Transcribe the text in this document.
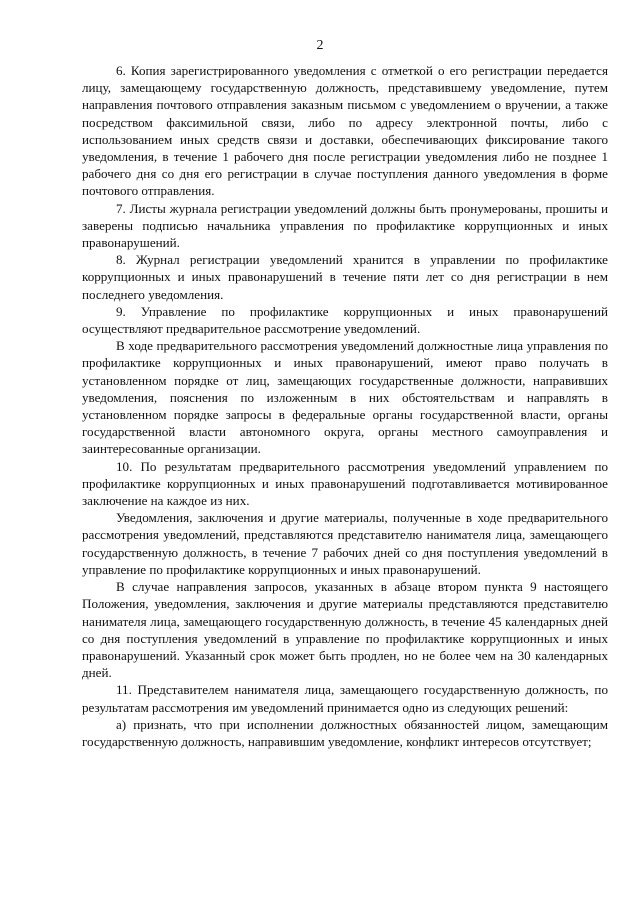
2

6. Копия зарегистрированного уведомления с отметкой о его регистрации передается лицу, замещающему государственную должность, представившему уведомление, путем направления почтового отправления заказным письмом с уведомлением о вручении, а также посредством факсимильной связи, либо по адресу электронной почты, либо с использованием иных средств связи и доставки, обеспечивающих фиксирование такого уведомления, в течение 1 рабочего дня после регистрации уведомления либо не позднее 1 рабочего дня со дня его регистрации в случае поступления данного уведомления в форме почтового отправления.

7. Листы журнала регистрации уведомлений должны быть пронумерованы, прошиты и заверены подписью начальника управления по профилактике коррупционных и иных правонарушений.

8. Журнал регистрации уведомлений хранится в управлении по профилактике коррупционных и иных правонарушений в течение пяти лет со дня регистрации в нем последнего уведомления.

9. Управление по профилактике коррупционных и иных правонарушений осуществляют предварительное рассмотрение уведомлений.

В ходе предварительного рассмотрения уведомлений должностные лица управления по профилактике коррупционных и иных правонарушений, имеют право получать в установленном порядке от лиц, замещающих государственные должности, направивших уведомления, пояснения по изложенным в них обстоятельствам и направлять в установленном порядке запросы в федеральные органы государственной власти, органы государственной власти автономного округа, органы местного самоуправления и заинтересованные организации.

10. По результатам предварительного рассмотрения уведомлений управлением по профилактике коррупционных и иных правонарушений подготавливается мотивированное заключение на каждое из них.

Уведомления, заключения и другие материалы, полученные в ходе предварительного рассмотрения уведомлений, представляются представителю нанимателя лица, замещающего государственную должность, в течение 7 рабочих дней со дня поступления уведомлений в управление по профилактике коррупционных и иных правонарушений.

В случае направления запросов, указанных в абзаце втором пункта 9 настоящего Положения, уведомления, заключения и другие материалы представляются представителю нанимателя лица, замещающего государственную должность, в течение 45 календарных дней со дня поступления уведомлений в управление по профилактике коррупционных и иных правонарушений. Указанный срок может быть продлен, но не более чем на 30 календарных дней.

11. Представителем нанимателя лица, замещающего государственную должность, по результатам рассмотрения им уведомлений принимается одно из следующих решений:

а) признать, что при исполнении должностных обязанностей лицом, замещающим государственную должность, направившим уведомление, конфликт интересов отсутствует;
